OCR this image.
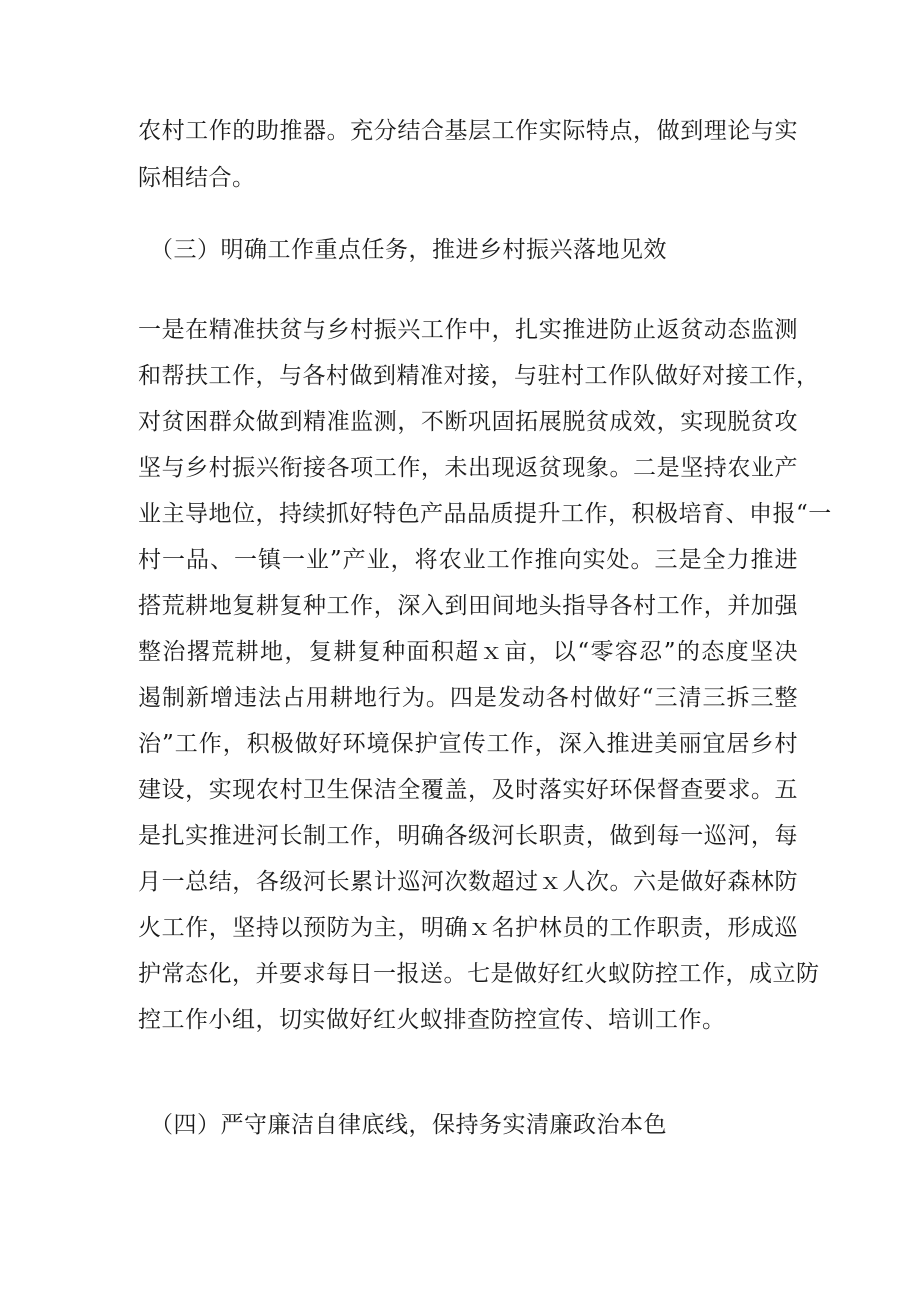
农村工作的助推器。充分结合基层工作实际特点，做到理论与实
际相结合。
（三）明确工作重点任务，推进乡村振兴落地见效
一是在精准扶贫与乡村振兴工作中，扎实推进防止返贫动态监测
和帮扶工作，与各村做到精准对接，与驻村工作队做好对接工作，
对贫困群众做到精准监测，不断巩固拓展脱贫成效，实现脱贫攻
坚与乡村振兴衔接各项工作，未出现返贫现象。二是坚持农业产
业主导地位，持续抓好特色产品品质提升工作，积极培育、申报“一
村一品、一镇一业”产业，将农业工作推向实处。三是全力推进
搭荒耕地复耕复种工作，深入到田间地头指导各村工作，并加强
整治撂荒耕地，复耕复种面积超ｘ亩，以“零容忍”的态度坚决
遏制新增违法占用耕地行为。四是发动各村做好“三清三拆三整
治”工作，积极做好环境保护宣传工作，深入推进美丽宜居乡村
建设，实现农村卫生保洁全覆盖，及时落实好环保督查要求。五
是扎实推进河长制工作，明确各级河长职责，做到每一巡河，每
月一总结，各级河长累计巡河次数超过ｘ人次。六是做好森林防
火工作，坚持以预防为主，明确ｘ名护林员的工作职责，形成巡
护常态化，并要求每日一报送。七是做好红火蚁防控工作，成立防
控工作小组，切实做好红火蚁排查防控宣传、培训工作。
（四）严守廉洁自律底线，保持务实清廉政治本色
